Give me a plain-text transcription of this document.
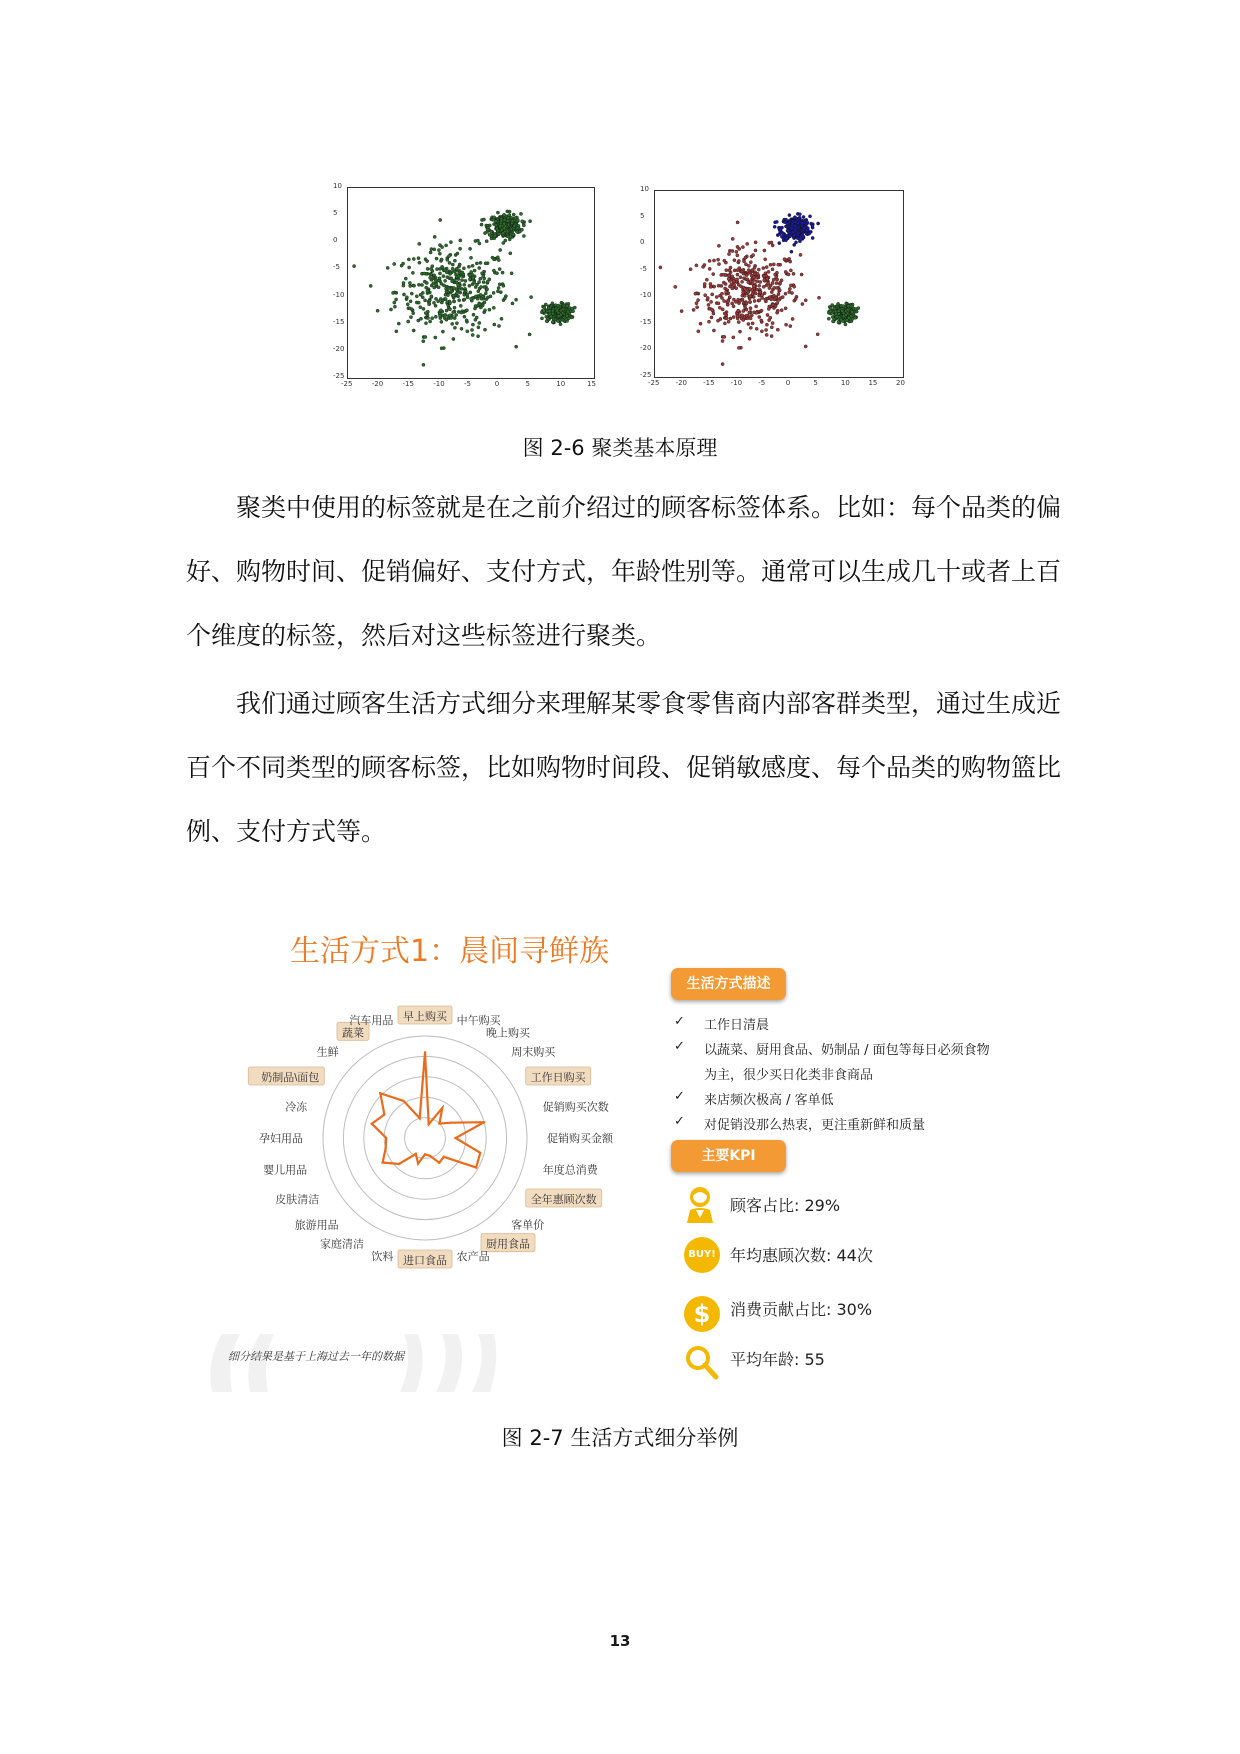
-25	-20	-15	-10	-5	0	5	10	15
10
5
0
-5
-10
-15
-20
-25
-25 -20 -15 -10 -5	0	5	10	15	20
10
5
0
-5
-10
-15
-20
-25
图 2-6 聚类基本原理
聚类中使用的标签就是在之前介绍过的顾客标签体系。比如：每个品类的偏
好、购物时间、促销偏好、支付方式，年龄性别等。通常可以生成几十或者上百
个维度的标签，然后对这些标签进行聚类。
我们通过顾客生活方式细分来理解某零食零售商内部客群类型，通过生成近
百个不同类型的顾客标签，比如购物时间段、促销敏感度、每个品类的购物篮比
例、支付方式等。
生活方式1：晨间寻鲜族
早上购买 中午购买
晚上购买
周末购买
工作日购买
促销购买次数
促销购买金额
年度总消费
全年惠顾次数
客单价
厨用食品
农产品
进口食品
饮料
家庭清洁
旅游用品
皮肤清洁
婴儿用品
孕妇用品
冷冻
奶制品\面包
生鲜
蔬菜
汽车用品
细分结果是基于上海过去一年的数据
生活方式描述
✓ 工作日清晨
✓ 以蔬菜、厨用食品、奶制品 / 面包等每日必须食物
为主，很少买日化类非食商品
✓ 来店频次极高 / 客单低
✓ 对促销没那么热衷，更注重新鲜和质量
主要KPI
顾客占比: 29%
BUY! 年均惠顾次数: 44次
$	消费贡献占比: 30%
平均年龄: 55
图 2-7 生活方式细分举例
13
